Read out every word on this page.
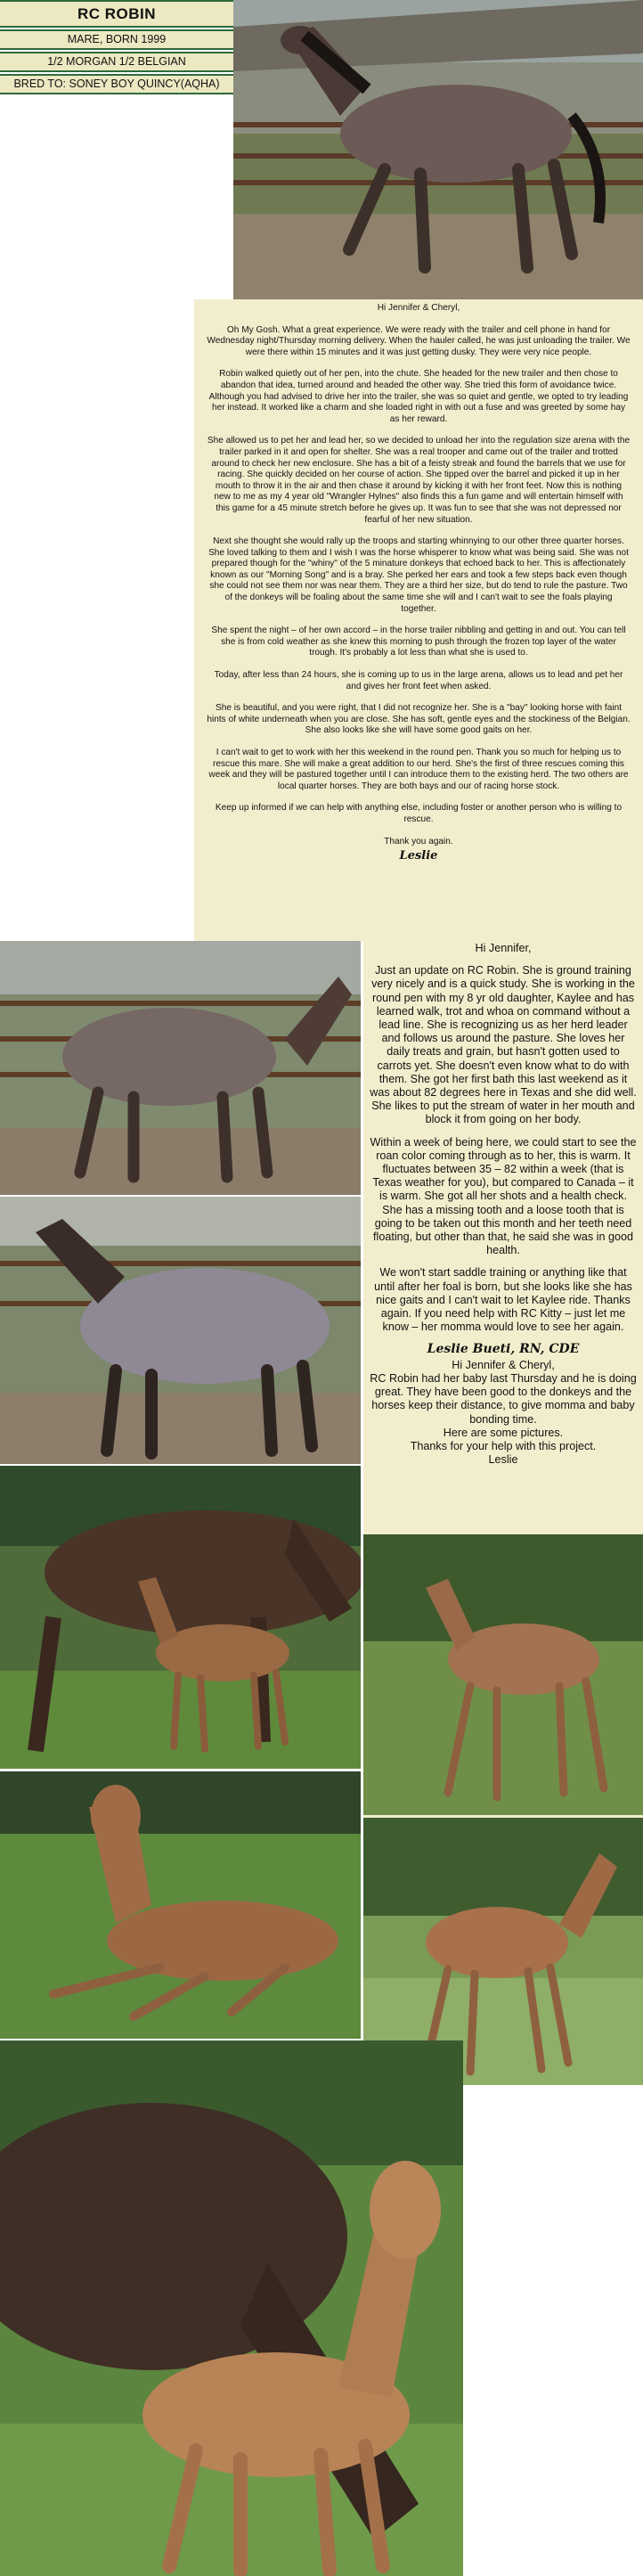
RC ROBIN
MARE, BORN 1999
1/2 MORGAN 1/2 BELGIAN
BRED TO: SONEY BOY QUINCY(AQHA)

Hi Jennifer & Cheryl,

Oh My Gosh. What a great experience. We were ready with the trailer and cell phone in hand for Wednesday night/Thursday morning delivery. When the hauler called, he was just unloading the trailer. We were there within 15 minutes and it was just getting dusky. They were very nice people.

Robin walked quietly out of her pen, into the chute. She headed for the new trailer and then chose to abandon that idea, turned around and headed the other way. She tried this form of avoidance twice. Although you had advised to drive her into the trailer, she was so quiet and gentle, we opted to try leading her instead. It worked like a charm and she loaded right in with out a fuse and was greeted by some hay as her reward.

She allowed us to pet her and lead her, so we decided to unload her into the regulation size arena with the trailer parked in it and open for shelter. She was a real trooper and came out of the trailer and trotted around to check her new enclosure. She has a bit of a feisty streak and found the barrels that we use for racing. She quickly decided on her course of action. She tipped over the barrel and picked it up in her mouth to throw it in the air and then chase it around by kicking it with her front feet. Now this is nothing new to me as my 4 year old "Wrangler Hylnes" also finds this a fun game and will entertain himself with this game for a 45 minute stretch before he gives up. It was fun to see that she was not depressed nor fearful of her new situation.

Next she thought she would rally up the troops and starting whinnying to our other three quarter horses. She loved talking to them and I wish I was the horse whisperer to know what was being said. She was not prepared though for the "whiny" of the 5 minature donkeys that echoed back to her. This is affectionately known as our "Morning Song" and is a bray. She perked her ears and took a few steps back even though she could not see them nor was near them. They are a third her size, but do tend to rule the pasture. Two of the donkeys will be foaling about the same time she will and I can't wait to see the foals playing together.

She spent the night – of her own accord – in the horse trailer nibbling and getting in and out. You can tell she is from cold weather as she knew this morning to push through the frozen top layer of the water trough. It's probably a lot less than what she is used to.

Today, after less than 24 hours, she is coming up to us in the large arena, allows us to lead and pet her and gives her front feet when asked.

She is beautiful, and you were right, that I did not recognize her. She is a "bay" looking horse with faint hints of white underneath when you are close. She has soft, gentle eyes and the stockiness of the Belgian. She also looks like she will have some good gaits on her.

I can't wait to get to work with her this weekend in the round pen. Thank you so much for helping us to rescue this mare. She will make a great addition to our herd. She's the first of three rescues coming this week and they will be pastured together until I can introduce them to the existing herd. The two others are local quarter horses. They are both bays and our of racing horse stock.

Keep up informed if we can help with anything else, including foster or another person who is willing to rescue.

Thank you again.

Leslie

Hi Jennifer,

Just an update on RC Robin. She is ground training very nicely and is a quick study. She is working in the round pen with my 8 yr old daughter, Kaylee and has learned walk, trot and whoa on command without a lead line. She is recognizing us as her herd leader and follows us around the pasture. She loves her daily treats and grain, but hasn't gotten used to carrots yet. She doesn't even know what to do with them. She got her first bath this last weekend as it was about 82 degrees here in Texas and she did well. She likes to put the stream of water in her mouth and block it from going on her body.

Within a week of being here, we could start to see the roan color coming through as to her, this is warm. It fluctuates between 35 – 82 within a week (that is Texas weather for you), but compared to Canada – it is warm. She got all her shots and a health check. She has a missing tooth and a loose tooth that is going to be taken out this month and her teeth need floating, but other than that, he said she was in good health.

We won't start saddle training or anything like that until after her foal is born, but she looks like she has nice gaits and I can't wait to let Kaylee ride. Thanks again. If you need help with RC Kitty – just let me know – her momma would love to see her again.

Leslie Bueti, RN, CDE

Hi Jennifer & Cheryl,

RC Robin had her baby last Thursday and he is doing great. They have been good to the donkeys and the horses keep their distance, to give momma and baby bonding time.

Here are some pictures.

Thanks for your help with this project.

Leslie
